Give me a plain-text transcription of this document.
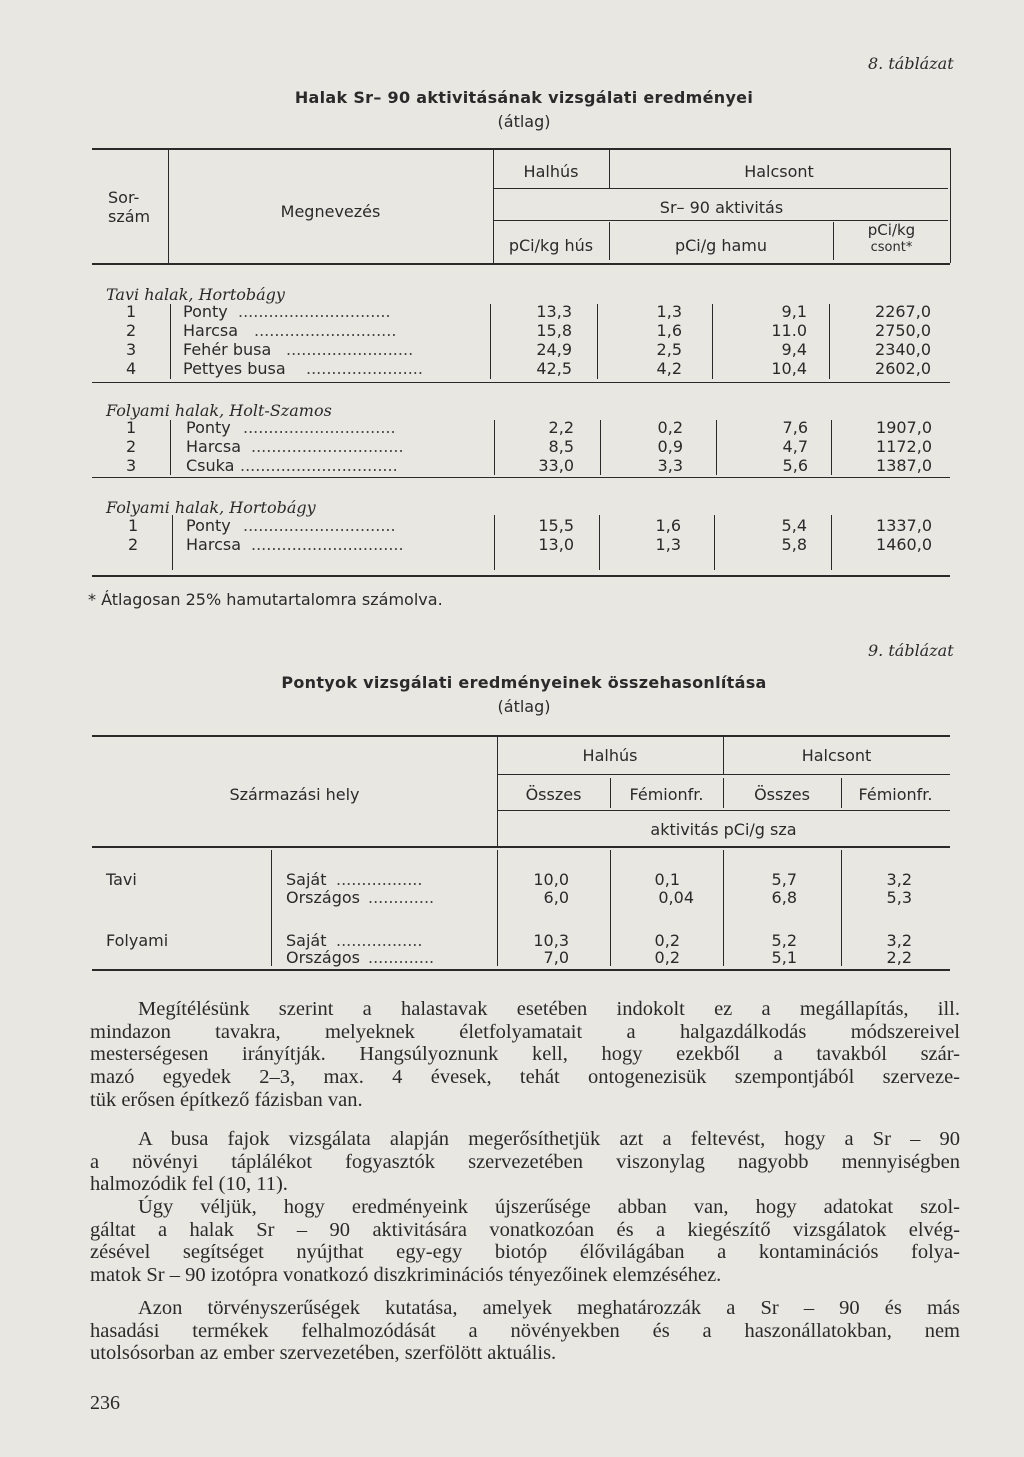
8. táblázat
Halak Sr– 90 aktivitásának vizsgálati eredményei
(átlag)
Sor-
szám	Megnevezés
Halhús	Halcsont
Sr– 90 aktivitás
pCi/kg hús	pCi/g hamu
pCi/kg
csont*
Tavi halak, Hortobágy
1	Ponty	13,3	1,3	9,1	2267,0
2	Harcsa	15,8	1,6	11.0	2750,0
3	Fehér busa	24,9	2,5	9,4	2340,0
4	Pettyes busa	42,5	4,2	10,4	2602,0
Folyami halak, Holt-Szamos
1	Ponty	2,2	0,2	7,6	1907,0
2	Harcsa	8,5	0,9	4,7	1172,0
3	Csuka	33,0	3,3	5,6	1387,0
Folyami halak, Hortobágy
1	Ponty	15,5	1,6	5,4	1337,0
2	Harcsa	13,0	1,3	5,8	1460,0
..............................
............................
.........................
.......................
..............................
..............................
...............................
..............................
..............................
* Átlagosan 25% hamutartalomra számolva.
9. táblázat
Pontyok vizsgálati eredményeinek összehasonlítása
(átlag)
Származási hely
Halhús	Halcsont
Összes	Fémionfr.	Összes	Fémionfr.
aktivitás pCi/g sza
Tavi	Saját	10,0	0,1	5,7	3,2
Országos	6,0	0,04	6,8	5,3
Folyami	Saját	10,3	0,2	5,2	3,2
Országos	7,0	0,2	5,1	2,2
.................
.............
.................
.............
Megítélésünk szerint a halastavak esetében indokolt ez a megállapítás, ill.
mindazon tavakra, melyeknek életfolyamatait a halgazdálkodás módszereivel
mesterségesen irányítják. Hangsúlyoznunk kell, hogy ezekből a tavakból szár-
mazó egyedek 2–3, max. 4 évesek, tehát ontogenezisük szempontjából szerveze-
tük erősen építkező fázisban van.
A busa fajok vizsgálata alapján megerősíthetjük azt a feltevést, hogy a Sr – 90
a növényi táplálékot fogyasztók szervezetében viszonylag nagyobb mennyiségben
halmozódik fel (10, 11).
Úgy véljük, hogy eredményeink újszerűsége abban van, hogy adatokat szol-
gáltat a halak Sr – 90 aktivitására vonatkozóan és a kiegészítő vizsgálatok elvég-
zésével segítséget nyújthat egy-egy biotóp élővilágában a kontaminációs folya-
matok Sr – 90 izotópra vonatkozó diszkriminációs tényezőinek elemzéséhez.
Azon törvényszerűségek kutatása, amelyek meghatározzák a Sr – 90 és más
hasadási termékek felhalmozódását a növényekben és a haszonállatokban, nem
utolsósorban az ember szervezetében, szerfölött aktuális.
236
